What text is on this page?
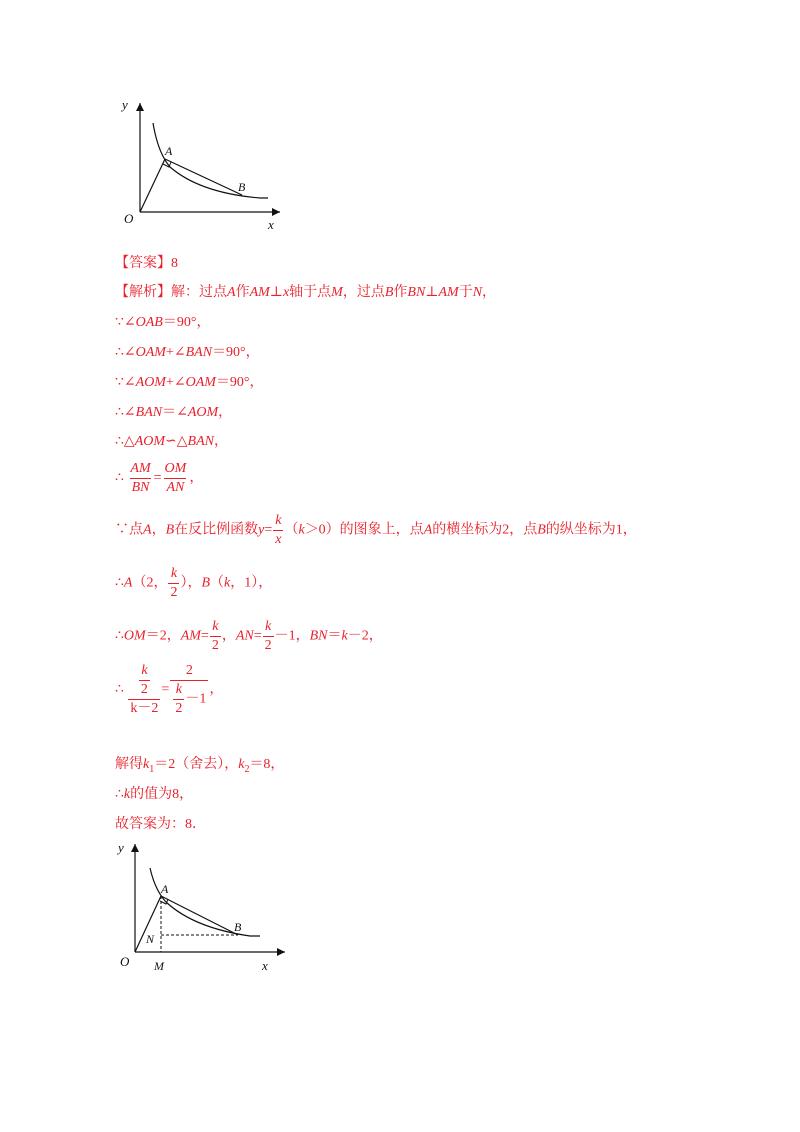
y
x
O
A
B
【答案】8
【解析】解：过点A作AM⊥x轴于点M，过点B作BN⊥AM于N，
∵∠OAB＝90°，
∴∠OAM+∠BAN＝90°，
∵∠AOM+∠OAM＝90°，
∴∠BAN＝∠AOM，
∴△AOM∽△BAN，
∴ $\frac{AM}{BN} = \frac{OM}{AN}$ ，
∵点A，B在反比例函数$y= \frac{k}{x} (k>0)$的图象上，点A的横坐标为2，点B的纵坐标为1，
∴A（2， $\frac{k}{2}$ ），B（k，1），
∴OM＝2，$AM= \frac{k}{2}$ ，$AN= \frac{k}{2} -1$，BN＝k－2，
∴ $\frac{\frac{k}{2}}{k-2} = \frac{2}{\frac{k}{2} -1}$ ，
解得$k_1=2$（舍去），$k_2=8$，
∴k的值为8，
故答案为：8．
y
x
O
A
B
N
M
